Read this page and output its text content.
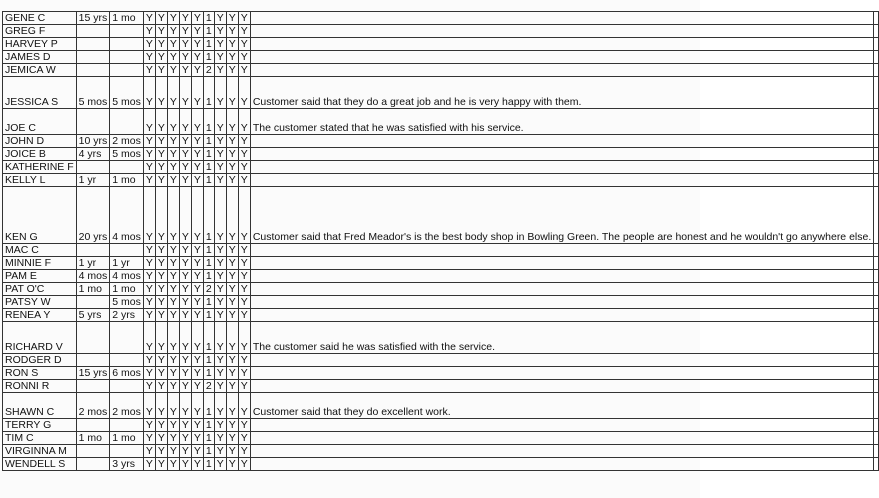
GENE C	15 yrs	1 mo	Y	Y	Y	Y	Y	1	Y	Y	Y		
GREG F			Y	Y	Y	Y	Y	1	Y	Y	Y		
HARVEY P			Y	Y	Y	Y	Y	1	Y	Y	Y		
JAMES D			Y	Y	Y	Y	Y	1	Y	Y	Y		
JEMICA W			Y	Y	Y	Y	Y	2	Y	Y	Y		
JESSICA S	5 mos	5 mos	Y	Y	Y	Y	Y	1	Y	Y	Y	Customer said that they do a great job and he is very happy with them.	
JOE C			Y	Y	Y	Y	Y	1	Y	Y	Y	The customer stated that he was satisfied with his service.	
JOHN D	10 yrs	2 mos	Y	Y	Y	Y	Y	1	Y	Y	Y		
JOICE B	4 yrs	5 mos	Y	Y	Y	Y	Y	1	Y	Y	Y		
KATHERINE F			Y	Y	Y	Y	Y	1	Y	Y	Y		
KELLY L	1 yr	1 mo	Y	Y	Y	Y	Y	1	Y	Y	Y		
KEN G	20 yrs	4 mos	Y	Y	Y	Y	Y	1	Y	Y	Y	Customer said that Fred Meador's is the best body shop in Bowling Green. The people are honest and he wouldn't go anywhere else.	
MAC C			Y	Y	Y	Y	Y	1	Y	Y	Y		
MINNIE F	1 yr	1 yr	Y	Y	Y	Y	Y	1	Y	Y	Y		
PAM E	4 mos	4 mos	Y	Y	Y	Y	Y	1	Y	Y	Y		
PAT O'C	1 mo	1 mo	Y	Y	Y	Y	Y	2	Y	Y	Y		
PATSY W		5 mos	Y	Y	Y	Y	Y	1	Y	Y	Y		
RENEA Y	5 yrs	2 yrs	Y	Y	Y	Y	Y	1	Y	Y	Y		
RICHARD V			Y	Y	Y	Y	Y	1	Y	Y	Y	The customer said he was satisfied with the service.	
RODGER D			Y	Y	Y	Y	Y	1	Y	Y	Y		
RON S	15 yrs	6 mos	Y	Y	Y	Y	Y	1	Y	Y	Y		
RONNI R			Y	Y	Y	Y	Y	2	Y	Y	Y		
SHAWN C	2 mos	2 mos	Y	Y	Y	Y	Y	1	Y	Y	Y	Customer said that they do excellent work.	
TERRY G			Y	Y	Y	Y	Y	1	Y	Y	Y		
TIM C	1 mo	1 mo	Y	Y	Y	Y	Y	1	Y	Y	Y		
VIRGINNA M			Y	Y	Y	Y	Y	1	Y	Y	Y		
WENDELL S		3 yrs	Y	Y	Y	Y	Y	1	Y	Y	Y		
